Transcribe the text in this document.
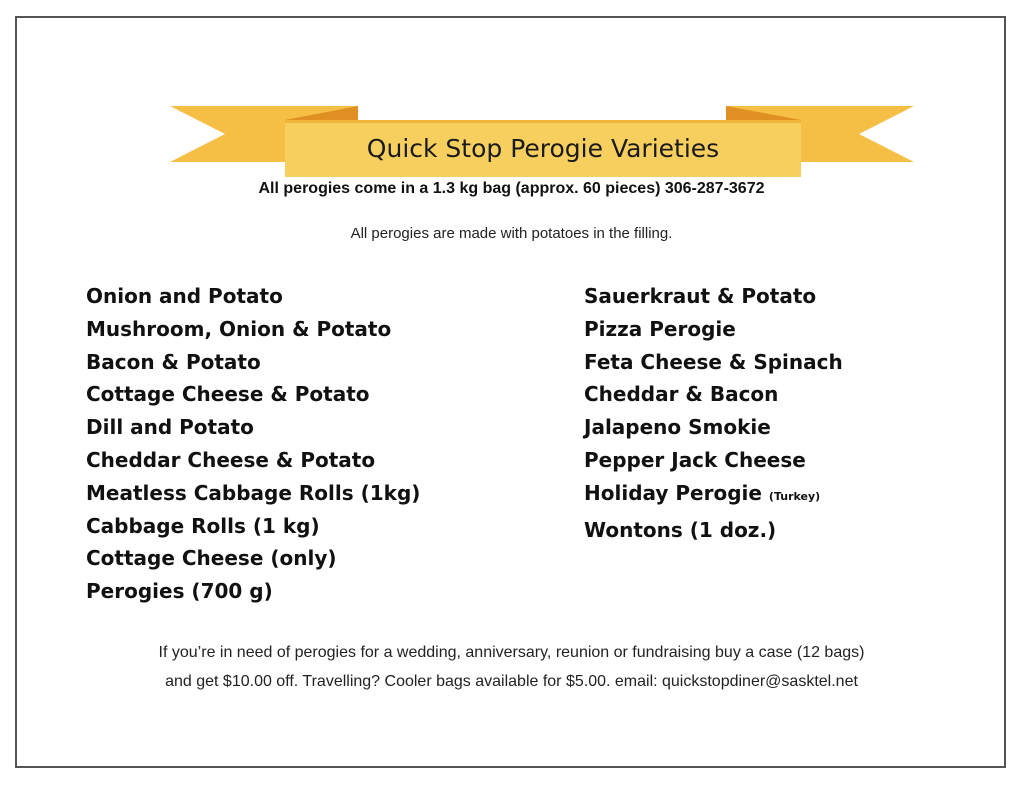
Quick Stop Perogie Varieties
All perogies come in a 1.3 kg bag (approx. 60 pieces) 306-287-3672
All perogies are made with potatoes in the filling.
Onion and Potato
Mushroom, Onion & Potato
Bacon & Potato
Cottage Cheese & Potato
Dill and Potato
Cheddar Cheese & Potato
Meatless Cabbage Rolls (1kg)
Cabbage Rolls (1 kg)
Cottage Cheese (only)
Perogies (700 g)
Sauerkraut & Potato
Pizza Perogie
Feta Cheese & Spinach
Cheddar & Bacon
Jalapeno Smokie
Pepper Jack Cheese
Holiday Perogie (Turkey)
Wontons (1 doz.)
If you’re in need of perogies for a wedding, anniversary, reunion or fundraising buy a case (12 bags)
and get $10.00 off. Travelling? Cooler bags available for $5.00. email: quickstopdiner@sasktel.net
